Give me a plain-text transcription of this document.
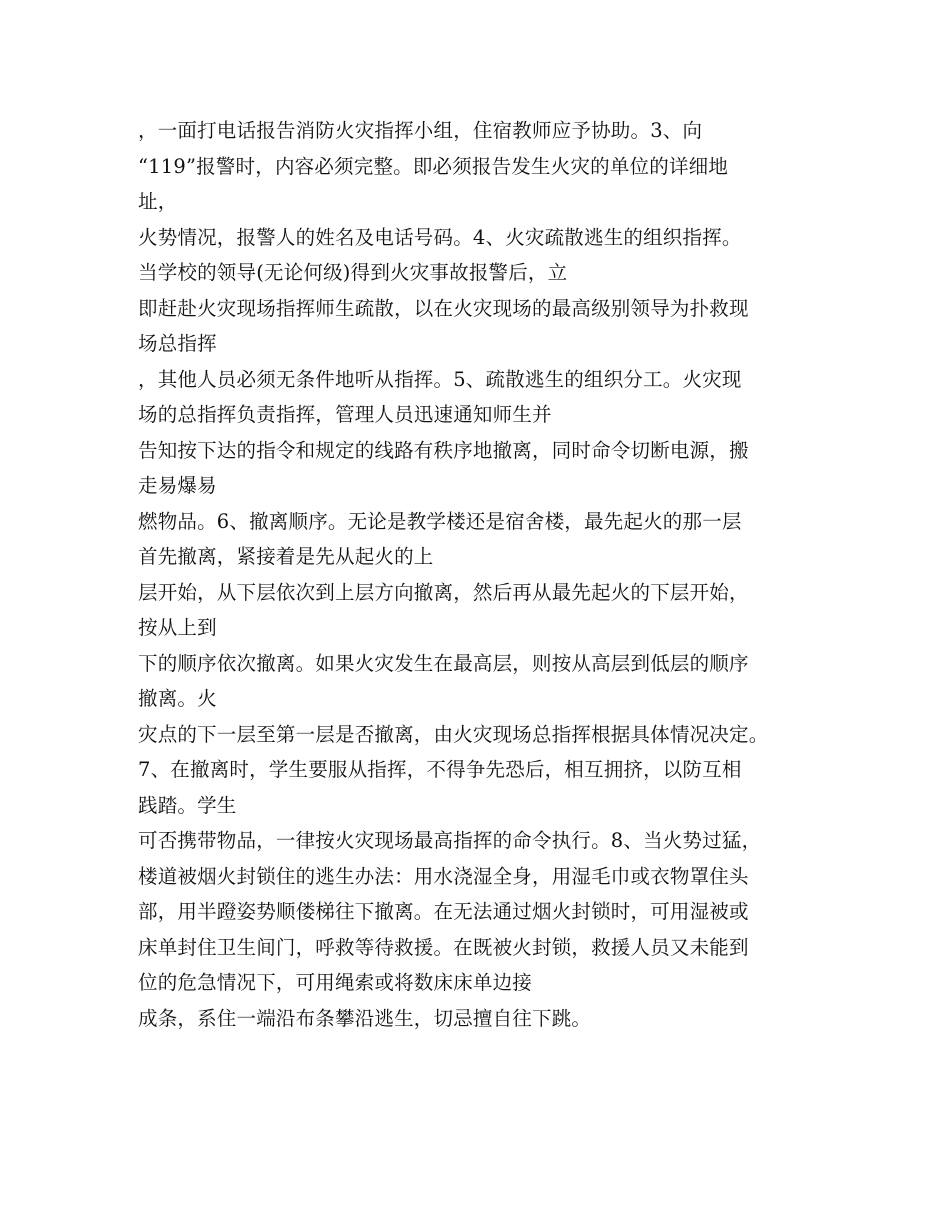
，一面打电话报告消防火灾指挥小组，住宿教师应予协助。3、向
“119”报警时，内容必须完整。即必须报告发生火灾的单位的详细地
址，
火势情况，报警人的姓名及电话号码。4、火灾疏散逃生的组织指挥。
当学校的领导(无论何级)得到火灾事故报警后，立
即赶赴火灾现场指挥师生疏散，以在火灾现场的最高级别领导为扑救现
场总指挥
，其他人员必须无条件地听从指挥。5、疏散逃生的组织分工。火灾现
场的总指挥负责指挥，管理人员迅速通知师生并
告知按下达的指令和规定的线路有秩序地撤离，同时命令切断电源，搬
走易爆易
燃物品。6、撤离顺序。无论是教学楼还是宿舍楼，最先起火的那一层
首先撤离，紧接着是先从起火的上
层开始，从下层依次到上层方向撤离，然后再从最先起火的下层开始，
按从上到
下的顺序依次撤离。如果火灾发生在最高层，则按从高层到低层的顺序
撤离。火
灾点的下一层至第一层是否撤离，由火灾现场总指挥根据具体情况决定。
7、在撤离时，学生要服从指挥，不得争先恐后，相互拥挤，以防互相
践踏。学生
可否携带物品，一律按火灾现场最高指挥的命令执行。8、当火势过猛，
楼道被烟火封锁住的逃生办法：用水浇湿全身，用湿毛巾或衣物罩住头
部，用半蹬姿势顺偻梯往下撤离。在无法通过烟火封锁时，可用湿被或
床单封住卫生间门，呼救等待救援。在既被火封锁，救援人员又未能到
位的危急情况下，可用绳索或将数床床单边接
成条，系住一端沿布条攀沿逃生，切忌擅自往下跳。
